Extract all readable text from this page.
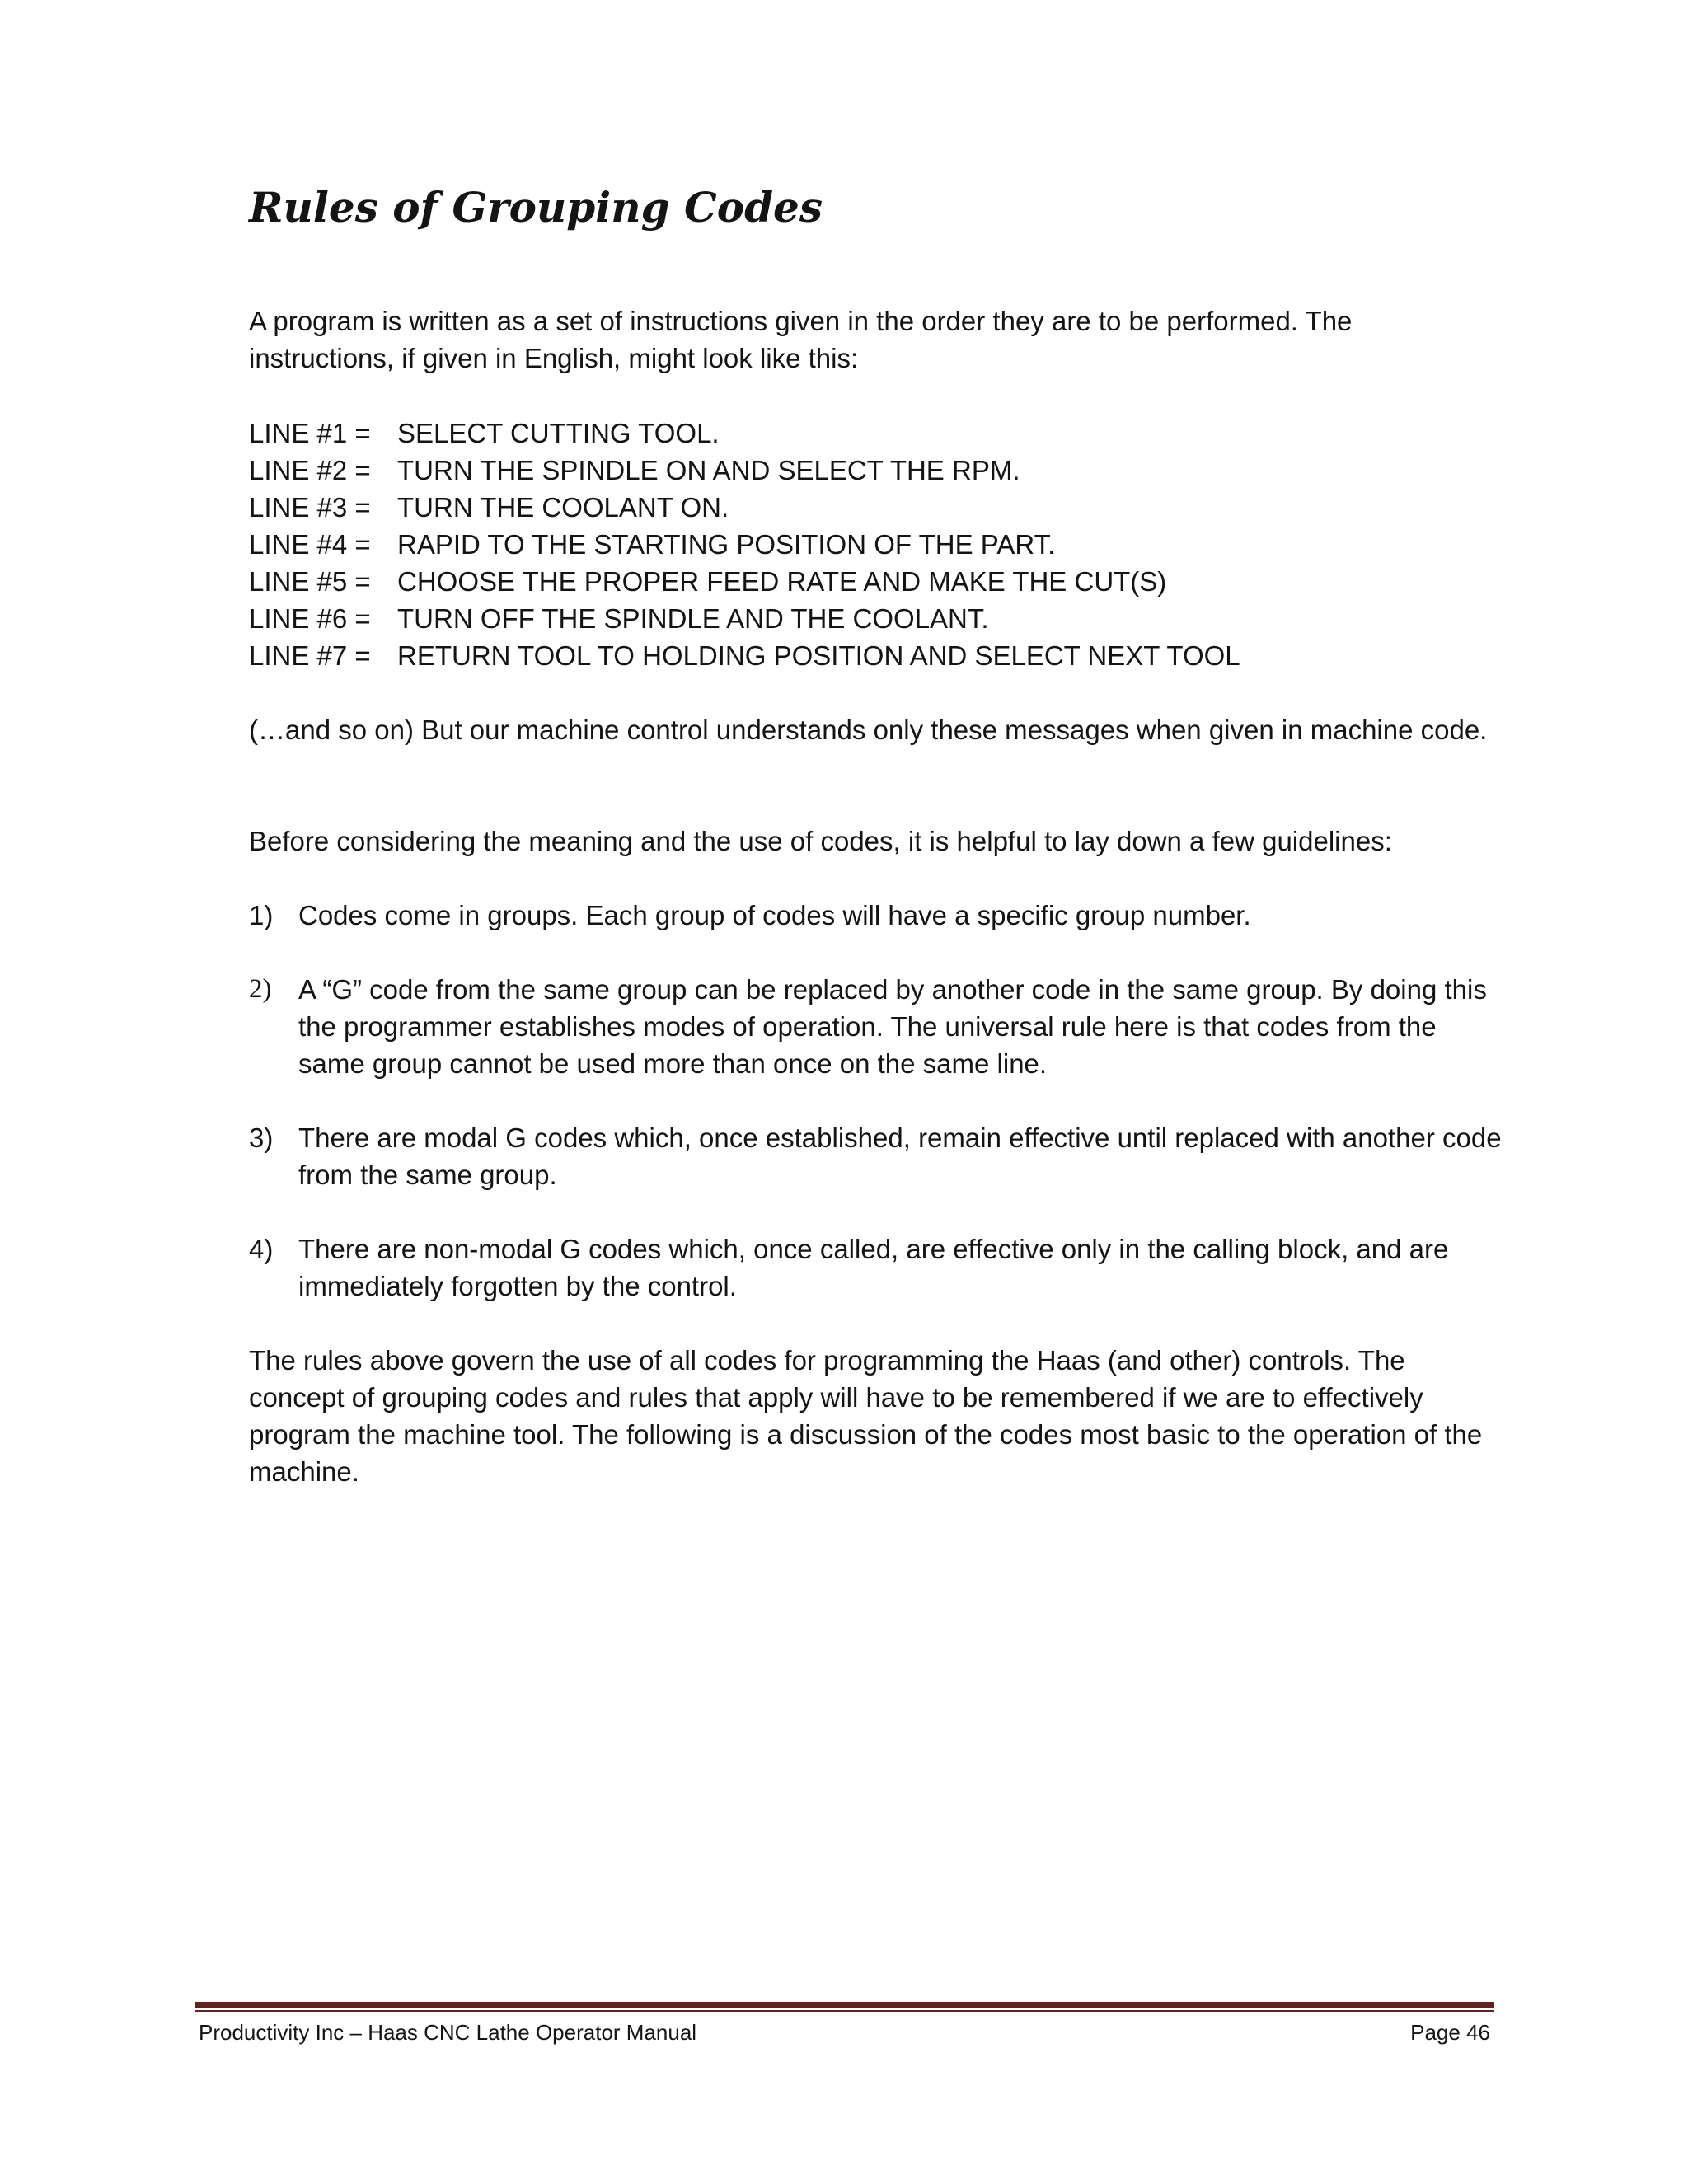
Rules of Grouping Codes

A program is written as a set of instructions given in the order they are to be performed. The instructions, if given in English, might look like this:

LINE #1 = SELECT CUTTING TOOL.
LINE #2 = TURN THE SPINDLE ON AND SELECT THE RPM.
LINE #3 = TURN THE COOLANT ON.
LINE #4 = RAPID TO THE STARTING POSITION OF THE PART.
LINE #5 = CHOOSE THE PROPER FEED RATE AND MAKE THE CUT(S)
LINE #6 = TURN OFF THE SPINDLE AND THE COOLANT.
LINE #7 = RETURN TOOL TO HOLDING POSITION AND SELECT NEXT TOOL

(…and so on) But our machine control understands only these messages when given in machine code.

Before considering the meaning and the use of codes, it is helpful to lay down a few guidelines:

1) Codes come in groups. Each group of codes will have a specific group number.
2) A “G” code from the same group can be replaced by another code in the same group. By doing this the programmer establishes modes of operation. The universal rule here is that codes from the same group cannot be used more than once on the same line.
3) There are modal G codes which, once established, remain effective until replaced with another code from the same group.
4) There are non-modal G codes which, once called, are effective only in the calling block, and are immediately forgotten by the control.

The rules above govern the use of all codes for programming the Haas (and other) controls. The concept of grouping codes and rules that apply will have to be remembered if we are to effectively program the machine tool. The following is a discussion of the codes most basic to the operation of the machine.

Productivity Inc – Haas CNC Lathe Operator Manual	Page 46
